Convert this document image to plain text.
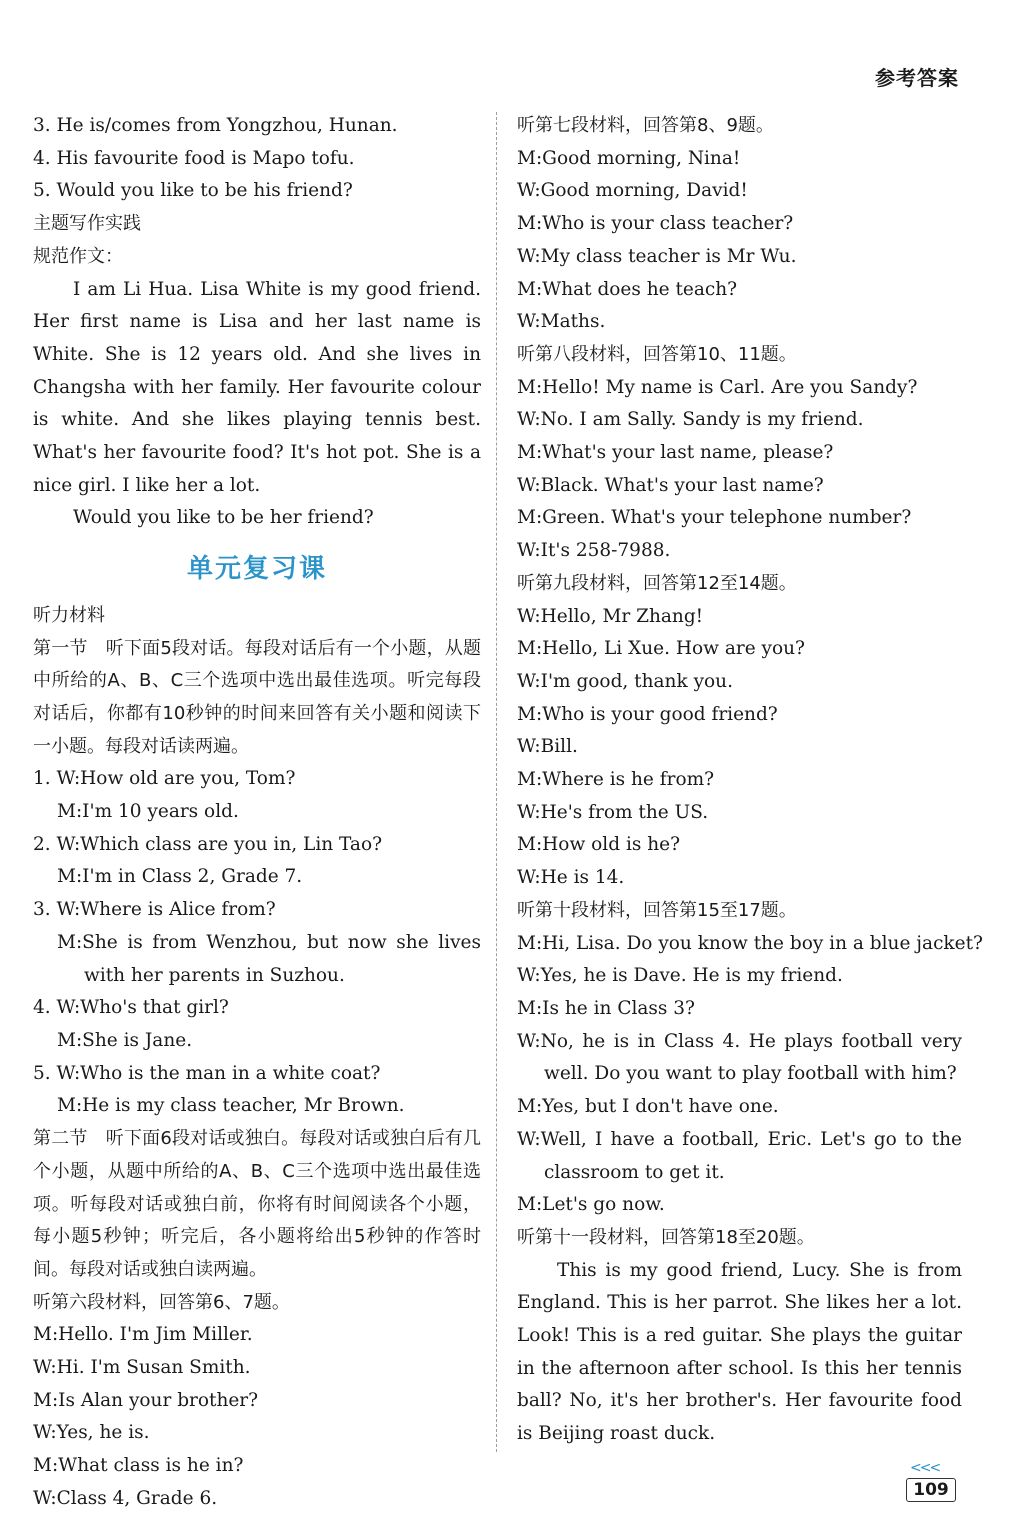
参考答案
3. He is/comes from Yongzhou, Hunan.
4. His favourite food is Mapo tofu.
5. Would you like to be his friend?
主题写作实践
规范作文：
I am Li Hua. Lisa White is my good friend. Her first name is Lisa and her last name is White. She is 12 years old. And she lives in Changsha with her family. Her favourite colour is white. And she likes playing tennis best. What's her favourite food? It's hot pot. She is a nice girl. I like her a lot.
Would you like to be her friend?
单元复习课
听力材料
第一节　听下面5段对话。每段对话后有一个小题，从题中所给的A、B、C三个选项中选出最佳选项。听完每段对话后，你都有10秒钟的时间来回答有关小题和阅读下一小题。每段对话读两遍。
1. W:How old are you, Tom?
M:I'm 10 years old.
2. W:Which class are you in, Lin Tao?
M:I'm in Class 2, Grade 7.
3. W:Where is Alice from?
M:She is from Wenzhou, but now she lives with her parents in Suzhou.
4. W:Who's that girl?
M:She is Jane.
5. W:Who is the man in a white coat?
M:He is my class teacher, Mr Brown.
第二节　听下面6段对话或独白。每段对话或独白后有几个小题，从题中所给的A、B、C三个选项中选出最佳选项。听每段对话或独白前，你将有时间阅读各个小题，每小题5秒钟；听完后，各小题将给出5秒钟的作答时间。每段对话或独白读两遍。
听第六段材料，回答第6、7题。
M:Hello. I'm Jim Miller.
W:Hi. I'm Susan Smith.
M:Is Alan your brother?
W:Yes, he is.
M:What class is he in?
W:Class 4, Grade 6.
听第七段材料，回答第8、9题。
M:Good morning, Nina!
W:Good morning, David!
M:Who is your class teacher?
W:My class teacher is Mr Wu.
M:What does he teach?
W:Maths.
听第八段材料，回答第10、11题。
M:Hello! My name is Carl. Are you Sandy?
W:No. I am Sally. Sandy is my friend.
M:What's your last name, please?
W:Black. What's your last name?
M:Green. What's your telephone number?
W:It's 258-7988.
听第九段材料，回答第12至14题。
W:Hello, Mr Zhang!
M:Hello, Li Xue. How are you?
W:I'm good, thank you.
M:Who is your good friend?
W:Bill.
M:Where is he from?
W:He's from the US.
M:How old is he?
W:He is 14.
听第十段材料，回答第15至17题。
M:Hi, Lisa. Do you know the boy in a blue jacket?
W:Yes, he is Dave. He is my friend.
M:Is he in Class 3?
W:No, he is in Class 4. He plays football very well. Do you want to play football with him?
M:Yes, but I don't have one.
W:Well, I have a football, Eric. Let's go to the classroom to get it.
M:Let's go now.
听第十一段材料，回答第18至20题。
This is my good friend, Lucy. She is from England. This is her parrot. She likes her a lot. Look! This is a red guitar. She plays the guitar in the afternoon after school. Is this her tennis ball? No, it's her brother's. Her favourite food is Beijing roast duck.
<<<
109
